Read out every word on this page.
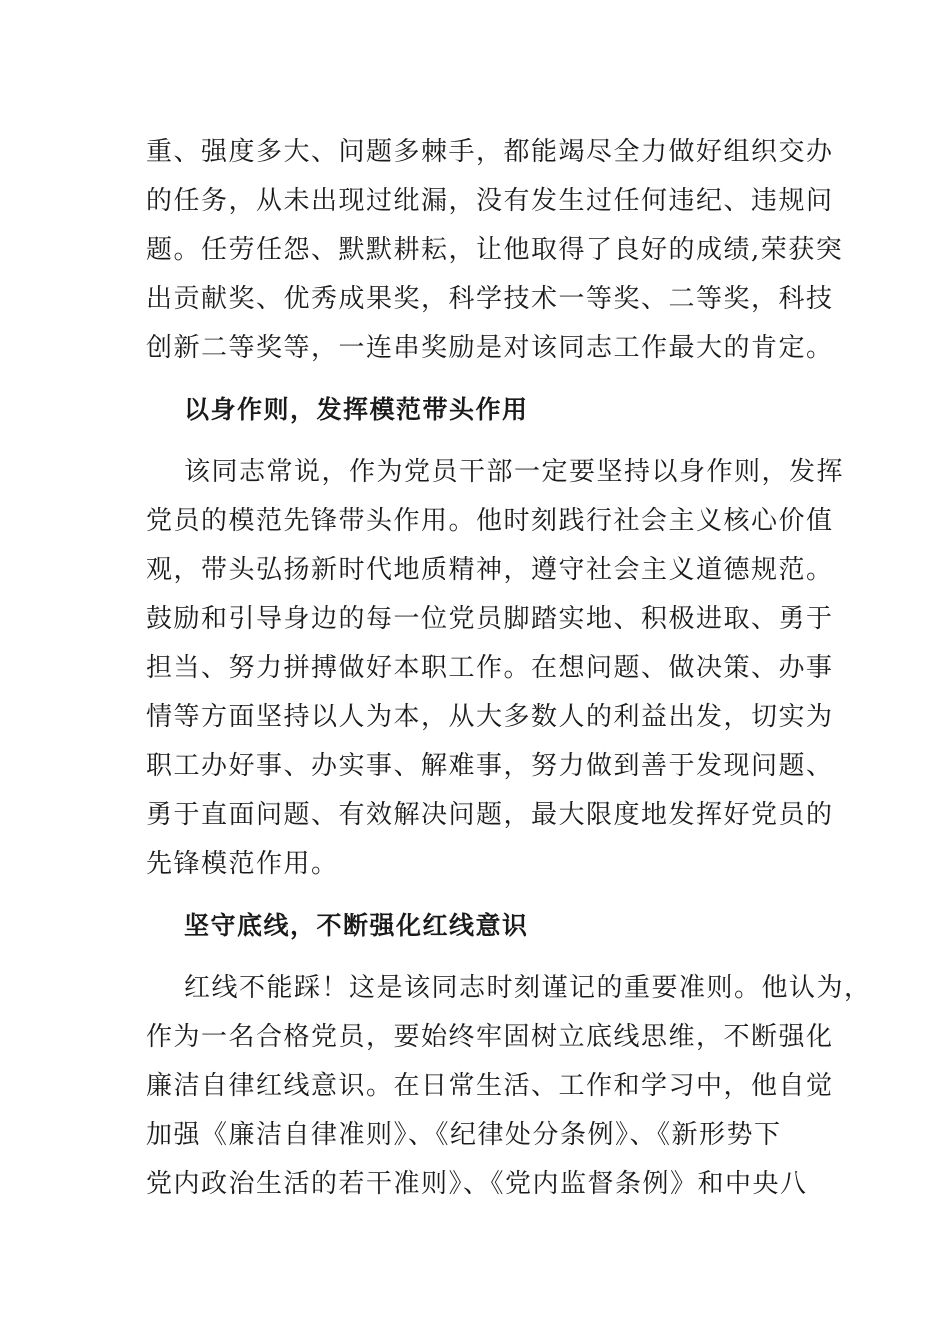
重、强度多大、问题多棘手，都能竭尽全力做好组织交办
的任务，从未出现过纰漏，没有发生过任何违纪、违规问
题。任劳任怨、默默耕耘，让他取得了良好的成绩,荣获突
出贡献奖、优秀成果奖，科学技术一等奖、二等奖，科技
创新二等奖等，一连串奖励是对该同志工作最大的肯定。
以身作则，发挥模范带头作用
该同志常说，作为党员干部一定要坚持以身作则，发挥
党员的模范先锋带头作用。他时刻践行社会主义核心价值
观，带头弘扬新时代地质精神，遵守社会主义道德规范。
鼓励和引导身边的每一位党员脚踏实地、积极进取、勇于
担当、努力拼搏做好本职工作。在想问题、做决策、办事
情等方面坚持以人为本，从大多数人的利益出发，切实为
职工办好事、办实事、解难事，努力做到善于发现问题、
勇于直面问题、有效解决问题，最大限度地发挥好党员的
先锋模范作用。
坚守底线，不断强化红线意识
红线不能踩！这是该同志时刻谨记的重要准则。他认为，
作为一名合格党员，要始终牢固树立底线思维，不断强化
廉洁自律红线意识。在日常生活、工作和学习中，他自觉
加强《廉洁自律准则》、《纪律处分条例》、《新形势下
党内政治生活的若干准则》、《党内监督条例》和中央八
